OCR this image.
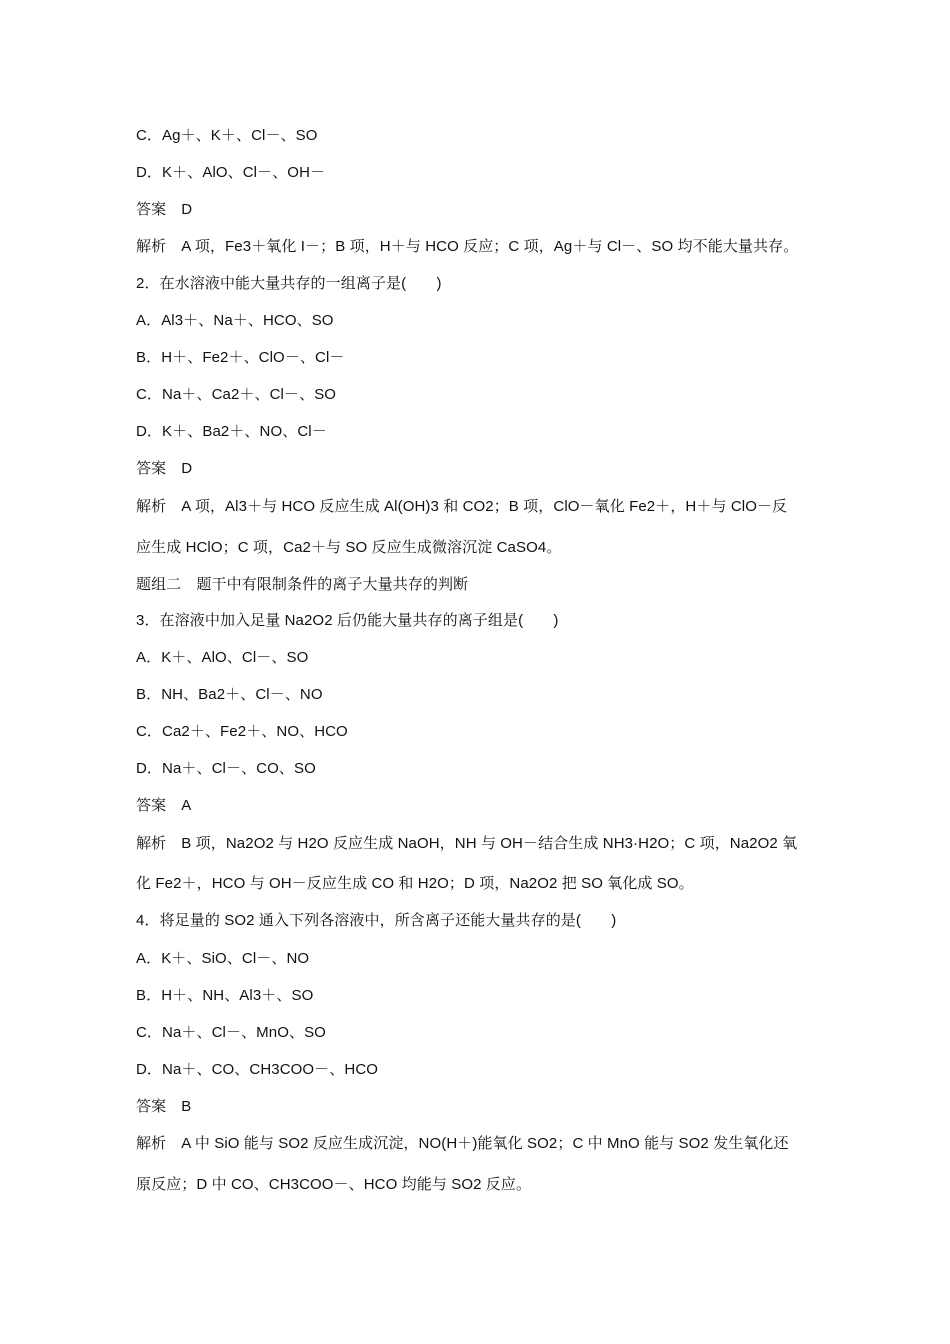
C．Ag＋、K＋、Cl－、SO
D．K＋、AlO、Cl－、OH－
答案　D
解析　A 项，Fe3＋氧化 I－；B 项，H＋与 HCO 反应；C 项，Ag＋与 Cl－、SO 均不能大量共存。
2．在水溶液中能大量共存的一组离子是(　　)
A．Al3＋、Na＋、HCO、SO
B．H＋、Fe2＋、ClO－、Cl－
C．Na＋、Ca2＋、Cl－、SO
D．K＋、Ba2＋、NO、Cl－
答案　D
解析　A 项，Al3＋与 HCO 反应生成 Al(OH)3 和 CO2；B 项，ClO－氧化 Fe2＋，H＋与 ClO－反
应生成 HClO；C 项，Ca2＋与 SO 反应生成微溶沉淀 CaSO4。
题组二　题干中有限制条件的离子大量共存的判断
3．在溶液中加入足量 Na2O2 后仍能大量共存的离子组是(　　)
A．K＋、AlO、Cl－、SO
B．NH、Ba2＋、Cl－、NO
C．Ca2＋、Fe2＋、NO、HCO
D．Na＋、Cl－、CO、SO
答案　A
解析　B 项，Na2O2 与 H2O 反应生成 NaOH，NH 与 OH－结合生成 NH3·H2O；C 项，Na2O2 氧
化 Fe2＋，HCO 与 OH－反应生成 CO 和 H2O；D 项，Na2O2 把 SO 氧化成 SO。
4．将足量的 SO2 通入下列各溶液中，所含离子还能大量共存的是(　　)
A．K＋、SiO、Cl－、NO
B．H＋、NH、Al3＋、SO
C．Na＋、Cl－、MnO、SO
D．Na＋、CO、CH3COO－、HCO
答案　B
解析　A 中 SiO 能与 SO2 反应生成沉淀，NO(H＋)能氧化 SO2；C 中 MnO 能与 SO2 发生氧化还
原反应；D 中 CO、CH3COO－、HCO 均能与 SO2 反应。
